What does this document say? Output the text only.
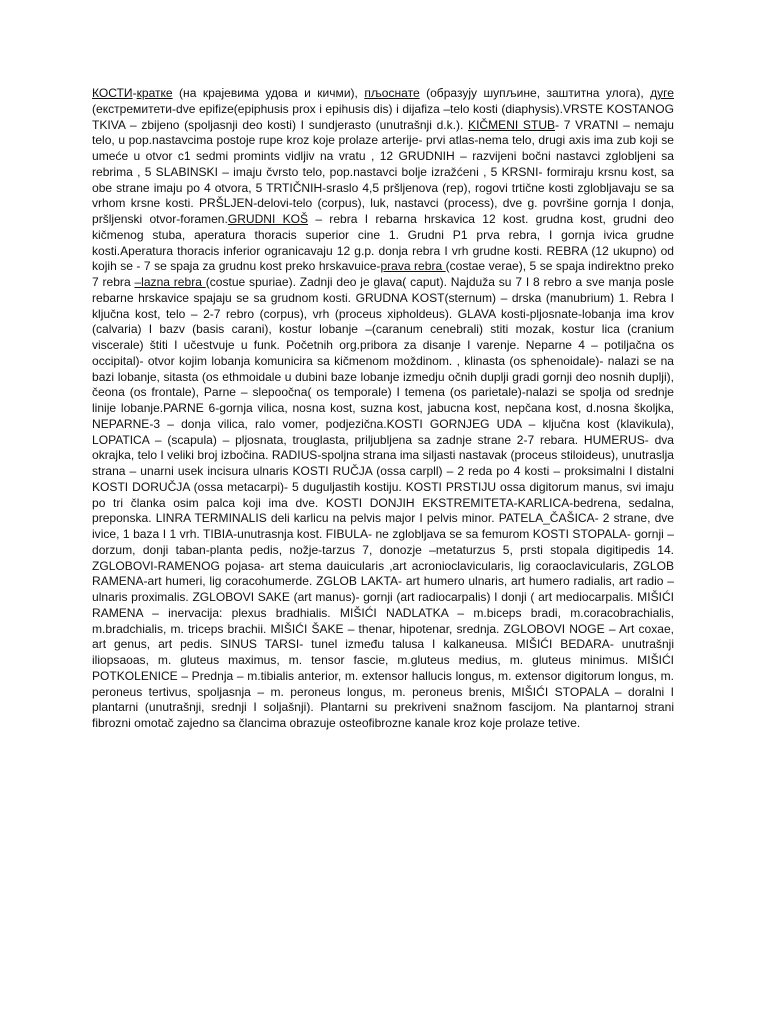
КОСТИ-кратке (на крајевима удова и кичми), пљоснате (образују шупљине, заштитна улога), дуге (екстремитети-dve epifize(epiphusis prox i epihusis dis) i dijafiza –telo kosti (diaphysis).VRSTE KOSTANOG TKIVA – zbijeno (spoljasnji deo kosti) I sundjerasto (unutrašnji d.k.). KIČMENI STUB- 7 VRATNI – nemaju telo, u pop.nastavcima postoje rupe kroz koje prolaze arterije- prvi atlas-nema telo, drugi axis ima zub koji se umeće u otvor c1 sedmi promints vidljiv na vratu , 12 GRUDNIH – razvijeni bočni nastavci zglobljeni sa rebrima , 5 SLABINSKI – imaju čvrsto telo, pop.nastavci bolje izražćeni , 5 KRSNI- formiraju krsnu kost, sa obe strane imaju po 4 otvora, 5 TRTIČNIH-sraslo 4,5 pršljenova (rep), rogovi trtične kosti zglobljavaju se sa vrhom krsne kosti. PRŠLJEN-delovi-telo (corpus), luk, nastavci (process), dve g. površine gornja I donja, pršljenski otvor-foramen.GRUDNI KOŠ – rebra I rebarna hrskavica 12 kost. grudna kost, grudni deo kičmenog stuba, aperatura thoracis superior cine 1. Grudni P1 prva rebra, I gornja ivica grudne kosti.Aperatura thoracis inferior ogranicavaju 12 g.p. donja rebra I vrh grudne kosti. REBRA (12 ukupno) od kojih se - 7 se spaja za grudnu kost preko hrskavuice-prava rebra (costae verae), 5 se spaja indirektno preko 7 rebra –lazna rebra (costue spuriae). Zadnji deo je glava( caput). Najduža su 7 I 8 rebro a sve manja posle rebarne hrskavice spajaju se sa grudnom kosti. GRUDNA KOST(sternum) – drska (manubrium) 1. Rebra I ključna kost, telo – 2-7 rebro (corpus), vrh (proceus xipholdeus). GLAVA kosti-pljosnate-lobanja ima krov (calvaria) I bazv (basis carani), kostur lobanje –(caranum cenebrali) stiti mozak, kostur lica (cranium viscerale) štiti I učestvuje u funk. Početnih org.pribora za disanje I varenje. Neparne 4 – potiljačna os occipital)- otvor kojim lobanja komunicira sa kičmenom moždinom. , klinasta (os sphenoidale)- nalazi se na bazi lobanje, sitasta (os ethmoidale u dubini baze lobanje izmedju očnih duplji gradi gornji deo nosnih duplji), čeona (os frontale), Parne – slepoočna( os temporale) I temena (os parietale)-nalazi se spolja od srednje linije lobanje.PARNE 6-gornja vilica, nosna kost, suzna kost, jabucna kost, nepčana kost, d.nosna školjka, NEPARNE-3 – donja vilica, ralo vomer, podjezična.KOSTI GORNJEG UDA – ključna kost (klavikula), LOPATICA – (scapula) – pljosnata, trouglasta, priljubljena sa zadnje strane 2-7 rebara. HUMERUS- dva okrajka, telo I veliki broj izbočina. RADIUS-spoljna strana ima siljasti nastavak (proceus stiloideus), unutraslja strana – unarni usek incisura ulnaris KOSTI RUČJA (ossa carpll) – 2 reda po 4 kosti – proksimalni I distalni KOSTI DORUČJA (ossa metacarpi)- 5 duguljastih kostiju. KOSTI PRSTIJU ossa digitorum manus, svi imaju po tri članka osim palca koji ima dve. KOSTI DONJIH EKSTREMITETA-KARLICA-bedrena, sedalna, preponska. LINRA TERMINALIS deli karlicu na pelvis major I pelvis minor. PATELA_ČAŠICA- 2 strane, dve ivice, 1 baza I 1 vrh. TIBIA-unutrasnja kost. FIBULA- ne zglobljava se sa femurom KOSTI STOPALA- gornji – dorzum, donji taban-planta pedis, nožje-tarzus 7, donozje –metaturzus 5, prsti stopala digitipedis 14. ZGLOBOVI-RAMENOG pojasa- art stema dauicularis ,art acronioclavicularis, lig coraoclavicularis, ZGLOB RAMENA-art humeri, lig coracohumerde. ZGLOB LAKTA- art humero ulnaris, art humero radialis, art radio – ulnaris proximalis. ZGLOBOVI SAKE (art manus)- gornji (art radiocarpalis) I donji ( art mediocarpalis. MIŠIĆI RAMENA – inervacija: plexus bradhialis. MIŠIĆI NADLATKA – m.biceps bradi, m.coracobrachialis, m.bradchialis, m. triceps brachii. MIŠIĆI ŠAKE – thenar, hipotenar, srednja. ZGLOBOVI NOGE – Art coxae, art genus, art pedis. SINUS TARSI- tunel između talusa I kalkaneusa. MIŠIĆI BEDARA- unutrašnji iliopsaoas, m. gluteus maximus, m. tensor fascie, m.gluteus medius, m. gluteus minimus. MIŠIĆI POTKOLENICE – Prednja – m.tibialis anterior, m. extensor hallucis longus, m. extensor digitorum longus, m. peroneus tertivus, spoljasnja – m. peroneus longus, m. peroneus brenis, MIŠIĆI STOPALA – doralni I plantarni (unutrašnji, srednji I soljašnji). Plantarni su prekriveni snažnom fascijom. Na plantarnoj strani fibrozni omotač zajedno sa člancima obrazuje osteofibrozne kanale kroz koje prolaze tetive.
